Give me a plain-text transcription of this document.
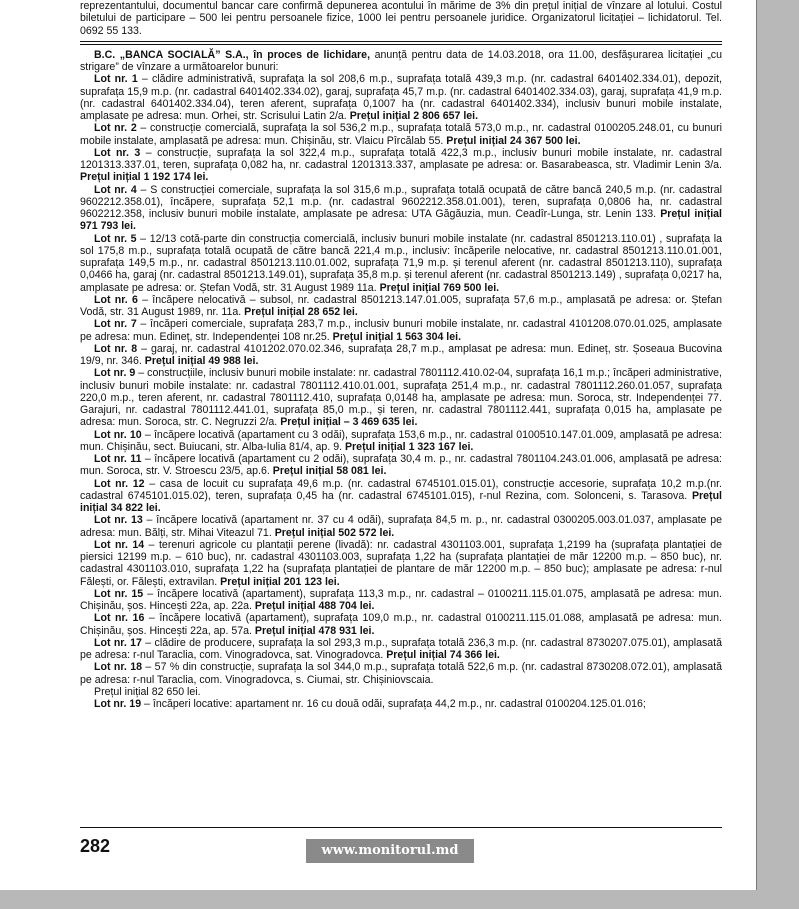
reprezentantului, documentul bancar care confirmă depunerea acontului în mărime de 3% din prețul inițial de vînzare al lotului. Costul biletului de participare – 500 lei pentru persoanele fizice, 1000 lei pentru persoanele juridice. Organizatorul licitației – lichidatorul. Tel. 0692 55 133.

B.C. „BANCA SOCIALĂ” S.A., în proces de lichidare, anunță pentru data de 14.03.2018, ora 11.00, desfășurarea licitației „cu strigare” de vînzare a următoarelor bunuri:

Lot nr. 1 – clădire administrativă, suprafața la sol 208,6 m.p., suprafața totală 439,3 m.p. (nr. cadastral 6401402.334.01), depozit, suprafața 15,9 m.p. (nr. cadastral 6401402.334.02), garaj, suprafața 45,7 m.p. (nr. cadastral 6401402.334.03), garaj, suprafața 41,9 m.p. (nr. cadastral 6401402.334.04), teren aferent, suprafața 0,1007 ha (nr. cadastral 6401402.334), inclusiv bunuri mobile instalate, amplasate pe adresa: mun. Orhei, str. Scrisului Latin 2/a. Prețul inițial 2 806 657 lei.

Lot nr. 2 – construcție comercială, suprafața la sol 536,2 m.p., suprafața totală 573,0 m.p., nr. cadastral 0100205.248.01, cu bunuri mobile instalate, amplasată pe adresa: mun. Chișinău, str. Vlaicu Pîrcălab 55. Prețul inițial 24 367 500 lei.

Lot nr. 3 – construcție, suprafața la sol 322,4 m.p., suprafața totală 422,3 m.p., inclusiv bunuri mobile instalate, nr. cadastral 1201313.337.01, teren, suprafața 0,082 ha, nr. cadastral 1201313.337, amplasate pe adresa: or. Basarabeasca, str. Vladimir Lenin 3/a. Prețul inițial 1 192 174 lei.

Lot nr. 4 – S construcției comerciale, suprafața la sol 315,6 m.p., suprafața totală ocupată de către bancă 240,5 m.p. (nr. cadastral 9602212.358.01), încăpere, suprafața 52,1 m.p. (nr. cadastral 9602212.358.01.001), teren, suprafața 0,0806 ha, nr. cadastral 9602212.358, inclusiv bunuri mobile instalate, amplasate pe adresa: UTA Găgăuzia, mun. Ceadîr-Lunga, str. Lenin 133. Prețul inițial 971 793 lei.

Lot nr. 5 – 12/13 cotă-parte din construcția comercială, inclusiv bunuri mobile instalate (nr. cadastral 8501213.110.01) , suprafața la sol 175,8 m.p., suprafața totală ocupată de către bancă 221,4 m.p., inclusiv: încăperile nelocative, nr. cadastral 8501213.110.01.001, suprafața 149,5 m.p., nr. cadastral 8501213.110.01.002, suprafața 71,9 m.p. și terenul aferent (nr. cadastral 8501213.110), suprafața 0,0466 ha, garaj (nr. cadastral 8501213.149.01), suprafața 35,8 m.p. și terenul aferent (nr. cadastral 8501213.149) , suprafața 0,0217 ha, amplasate pe adresa: or. Ștefan Vodă, str. 31 August 1989 11a. Prețul inițial 769 500 lei.

Lot nr. 6 – încăpere nelocativă – subsol, nr. cadastral 8501213.147.01.005, suprafața 57,6 m.p., amplasată pe adresa: or. Ștefan Vodă, str. 31 August 1989, nr. 11a. Prețul inițial 28 652 lei.

Lot nr. 7 – încăperi comerciale, suprafața 283,7 m.p., inclusiv bunuri mobile instalate, nr. cadastral 4101208.070.01.025, amplasate pe adresa: mun. Edineț, str. Independenței 108 nr.25. Prețul inițial 1 563 304 lei.

Lot nr. 8 – garaj, nr. cadastral 4101202.070.02.346, suprafața 28,7 m.p., amplasat pe adresa: mun. Edineț, str. Șoseaua Bucovina 19/9, nr. 346. Prețul inițial 49 988 lei.

Lot nr. 9 – construcțiile, inclusiv bunuri mobile instalate: nr. cadastral 7801112.410.02-04, suprafața 16,1 m.p.; încăperi administrative, inclusiv bunuri mobile instalate: nr. cadastral 7801112.410.01.001, suprafața 251,4 m.p., nr. cadastral 7801112.260.01.057, suprafața 220,0 m.p., teren aferent, nr. cadastral 7801112.410, suprafața 0,0148 ha, amplasate pe adresa: mun. Soroca, str. Independenței 77. Garajuri, nr. cadastral 7801112.441.01, suprafața 85,0 m.p., și teren, nr. cadastral 7801112.441, suprafața 0,015 ha, amplasate pe adresa: mun. Soroca, str. C. Negruzzi 2/a. Prețul inițial – 3 469 635 lei.

Lot nr. 10 – încăpere locativă (apartament cu 3 odăi), suprafața 153,6 m.p., nr. cadastral 0100510.147.01.009, amplasată pe adresa: mun. Chișinău, sect. Buiucani, str. Alba-Iulia 81/4, ap. 9. Prețul inițial 1 323 167 lei.

Lot nr. 11 – încăpere locativă (apartament cu 2 odăi), suprafața 30,4 m. p., nr. cadastral 7801104.243.01.006, amplasată pe adresa: mun. Soroca, str. V. Stroescu 23/5, ap.6. Prețul inițial 58 081 lei.

Lot nr. 12 – casa de locuit cu suprafața 49,6 m.p. (nr. cadastral 6745101.015.01), construcție accesorie, suprafața 10,2 m.p.(nr. cadastral 6745101.015.02), teren, suprafața 0,45 ha (nr. cadastral 6745101.015), r-nul Rezina, com. Solonceni, s. Tarasova. Prețul inițial 34 822 lei.

Lot nr. 13 – încăpere locativă (apartament nr. 37 cu 4 odăi), suprafața 84,5 m. p., nr. cadastral 0300205.003.01.037, amplasate pe adresa: mun. Bălți, str. Mihai Viteazul 71. Prețul inițial 502 572 lei.

Lot nr. 14 – terenuri agricole cu plantații perene (livadă): nr. cadastral 4301103.001, suprafața 1,2199 ha (suprafața plantației de piersici 12199 m.p. – 610 buc), nr. cadastral 4301103.003, suprafața 1,22 ha (suprafața plantației de măr 12200 m.p. – 850 buc), nr. cadastral 4301103.010, suprafața 1,22 ha (suprafața plantației de plantare de măr 12200 m.p. – 850 buc); amplasate pe adresa: r-nul Fălești, or. Fălești, extravilan. Prețul inițial 201 123 lei.

Lot nr. 15 – încăpere locativă (apartament), suprafața 113,3 m.p., nr. cadastral – 0100211.115.01.075, amplasată pe adresa: mun. Chișinău, șos. Hincești 22a, ap. 22a. Prețul inițial 488 704 lei.

Lot nr. 16 – încăpere locativă (apartament), suprafața 109,0 m.p., nr. cadastral 0100211.115.01.088, amplasată pe adresa: mun. Chișinău, șos. Hincești 22a, ap. 57a. Prețul inițial 478 931 lei.

Lot nr. 17 – clădire de producere, suprafața la sol 293,3 m.p., suprafața totală 236,3 m.p. (nr. cadastral 8730207.075.01), amplasată pe adresa: r-nul Taraclia, com. Vinogradovca, sat. Vinogradovca. Prețul inițial 74 366 lei.

Lot nr. 18 – 57 % din construcție, suprafața la sol 344,0 m.p., suprafața totală 522,6 m.p. (nr. cadastral 8730208.072.01), amplasată pe adresa: r-nul Taraclia, com. Vinogradovca, s. Ciumai, str. Chișiniovscaia.

Prețul inițial 82 650 lei.

Lot nr. 19 – încăperi locative: apartament nr. 16 cu două odăi, suprafața 44,2 m.p., nr. cadastral 0100204.125.01.016;

282	www.monitorul.md
